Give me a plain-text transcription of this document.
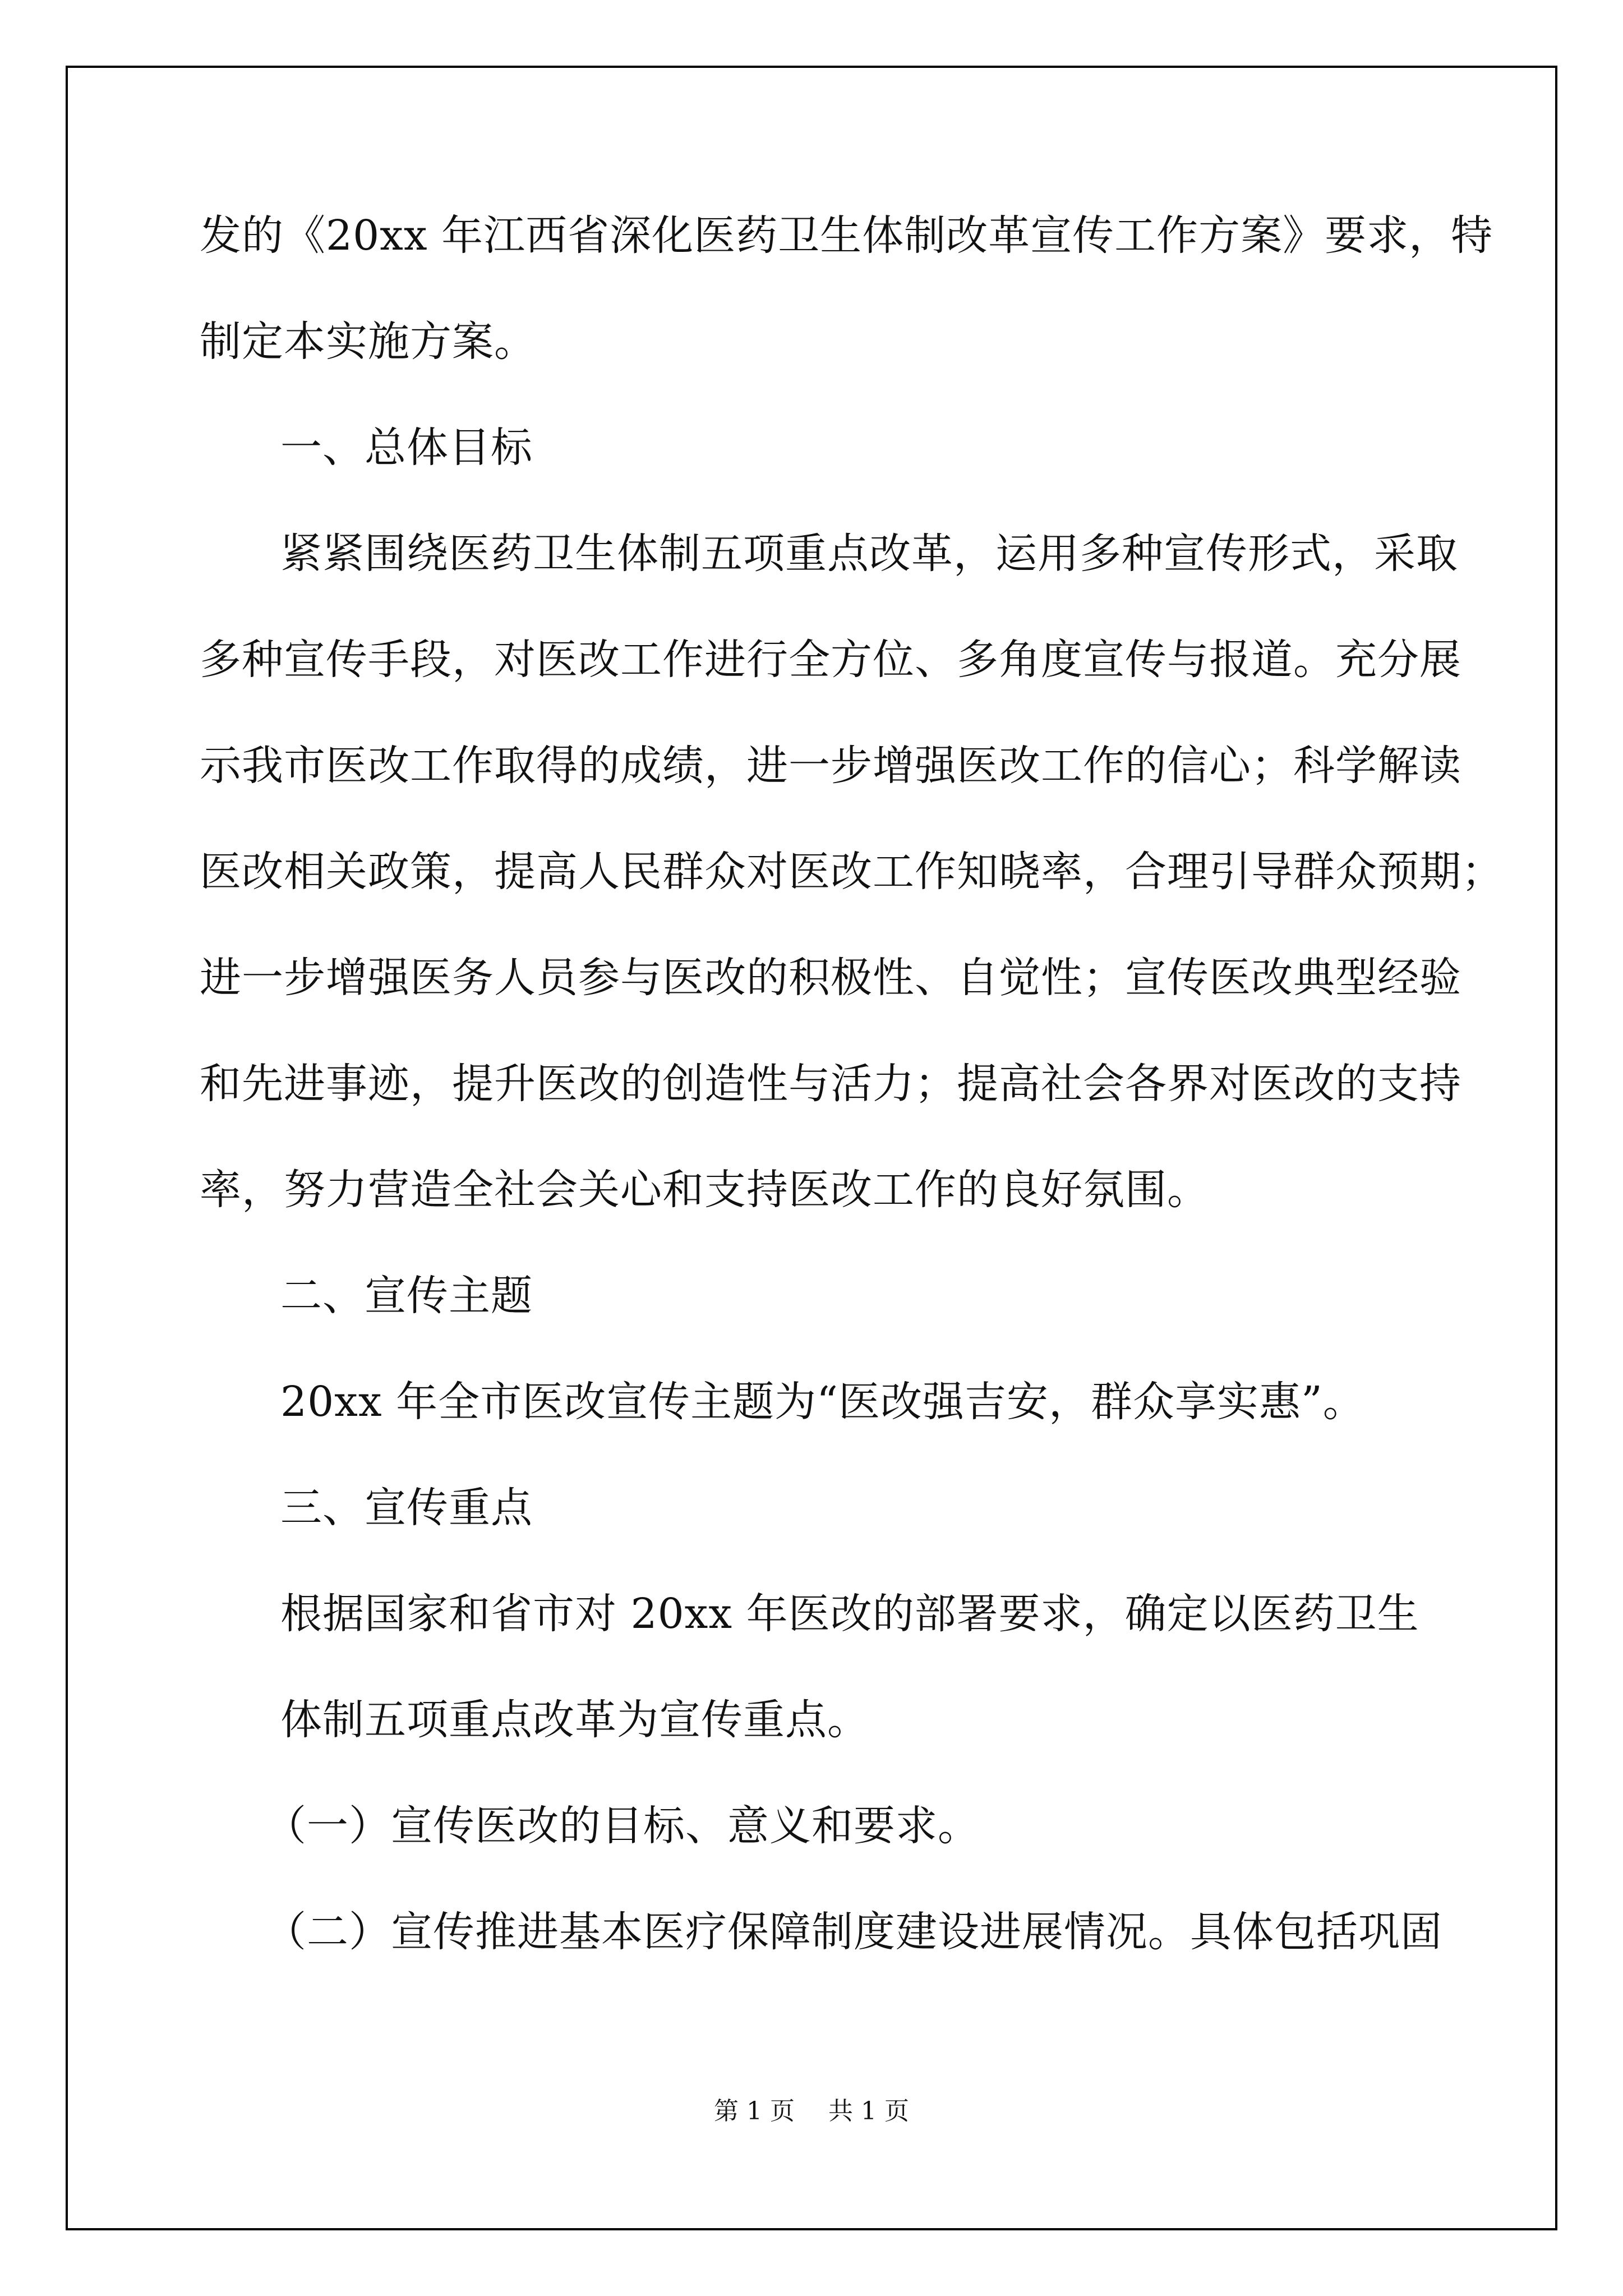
发的《20xx 年江西省深化医药卫生体制改革宣传工作方案》要求，特
制定本实施方案。
一、总体目标
紧紧围绕医药卫生体制五项重点改革，运用多种宣传形式，采取
多种宣传手段，对医改工作进行全方位、多角度宣传与报道。充分展
示我市医改工作取得的成绩，进一步增强医改工作的信心；科学解读
医改相关政策，提高人民群众对医改工作知晓率，合理引导群众预期；
进一步增强医务人员参与医改的积极性、自觉性；宣传医改典型经验
和先进事迹，提升医改的创造性与活力；提高社会各界对医改的支持
率，努力营造全社会关心和支持医改工作的良好氛围。
二、宣传主题
20xx 年全市医改宣传主题为“医改强吉安，群众享实惠”。
三、宣传重点
根据国家和省市对 20xx 年医改的部署要求，确定以医药卫生
体制五项重点改革为宣传重点。
（一）宣传医改的目标、意义和要求。
（二）宣传推进基本医疗保障制度建设进展情况。具体包括巩固
第 1 页 共 1 页
